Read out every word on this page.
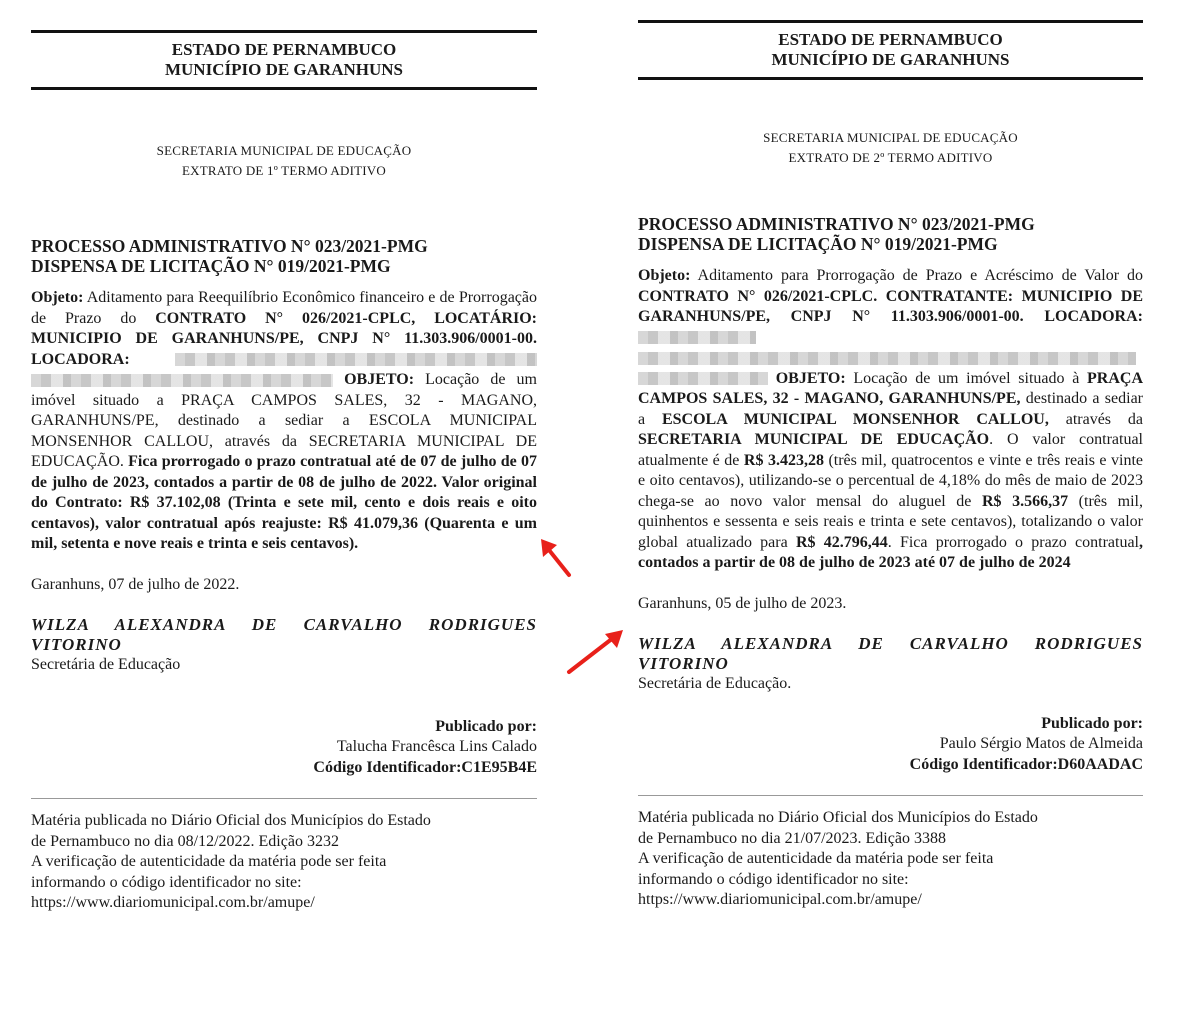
ESTADO DE PERNAMBUCO
MUNICÍPIO DE GARANHUNS
SECRETARIA MUNICIPAL DE EDUCAÇÃO
EXTRATO DE 1º TERMO ADITIVO
PROCESSO ADMINISTRATIVO N° 023/2021-PMG
DISPENSA DE LICITAÇÃO N° 019/2021-PMG
Objeto: Aditamento para Reequilíbrio Econômico financeiro e de Prorrogação de Prazo do CONTRATO N° 026/2021-CPLC, LOCATÁRIO: MUNICIPIO DE GARANHUNS/PE, CNPJ N° 11.303.906/0001-00. LOCADORA:   OBJETO: Locação de um imóvel situado a PRAÇA CAMPOS SALES, 32 - MAGANO, GARANHUNS/PE, destinado a sediar a ESCOLA MUNICIPAL MONSENHOR CALLOU, através da SECRETARIA MUNICIPAL DE EDUCAÇÃO. Fica prorrogado o prazo contratual até de 07 de julho de 07 de julho de 2023, contados a partir de 08 de julho de 2022. Valor original do Contrato: R$ 37.102,08 (Trinta e sete mil, cento e dois reais e oito centavos), valor contratual após reajuste: R$ 41.079,36 (Quarenta e um mil, setenta e nove reais e trinta e seis centavos).
Garanhuns, 07 de julho de 2022.
WILZA ALEXANDRA DE CARVALHO RODRIGUES VITORINO
Secretária de Educação
Publicado por:
Talucha Francêsca Lins Calado
Código Identificador:C1E95B4E
Matéria publicada no Diário Oficial dos Municípios do Estado
de Pernambuco no dia 08/12/2022. Edição 3232
A verificação de autenticidade da matéria pode ser feita
informando o código identificador no site:
https://www.diariomunicipal.com.br/amupe/
ESTADO DE PERNAMBUCO
MUNICÍPIO DE GARANHUNS
SECRETARIA MUNICIPAL DE EDUCAÇÃO
EXTRATO DE 2º TERMO ADITIVO
PROCESSO ADMINISTRATIVO N° 023/2021-PMG
DISPENSA DE LICITAÇÃO N° 019/2021-PMG
Objeto: Aditamento para Prorrogação de Prazo e Acréscimo de Valor do CONTRATO N° 026/2021-CPLC. CONTRATANTE: MUNICIPIO DE GARANHUNS/PE, CNPJ N° 11.303.906/0001-00. LOCADORA:    OBJETO: Locação de um imóvel situado à PRAÇA CAMPOS SALES, 32 - MAGANO, GARANHUNS/PE, destinado a sediar a ESCOLA MUNICIPAL MONSENHOR CALLOU, através da SECRETARIA MUNICIPAL DE EDUCAÇÃO. O valor contratual atualmente é de R$ 3.423,28 (três mil, quatrocentos e vinte e três reais e vinte e oito centavos), utilizando-se o percentual de 4,18% do mês de maio de 2023 chega-se ao novo valor mensal do aluguel de R$ 3.566,37 (três mil, quinhentos e sessenta e seis reais e trinta e sete centavos), totalizando o valor global atualizado para R$ 42.796,44. Fica prorrogado o prazo contratual, contados a partir de 08 de julho de 2023 até 07 de julho de 2024
Garanhuns, 05 de julho de 2023.
WILZA ALEXANDRA DE CARVALHO RODRIGUES VITORINO
Secretária de Educação.
Publicado por:
Paulo Sérgio Matos de Almeida
Código Identificador:D60AADAC
Matéria publicada no Diário Oficial dos Municípios do Estado
de Pernambuco no dia 21/07/2023. Edição 3388
A verificação de autenticidade da matéria pode ser feita
informando o código identificador no site:
https://www.diariomunicipal.com.br/amupe/
